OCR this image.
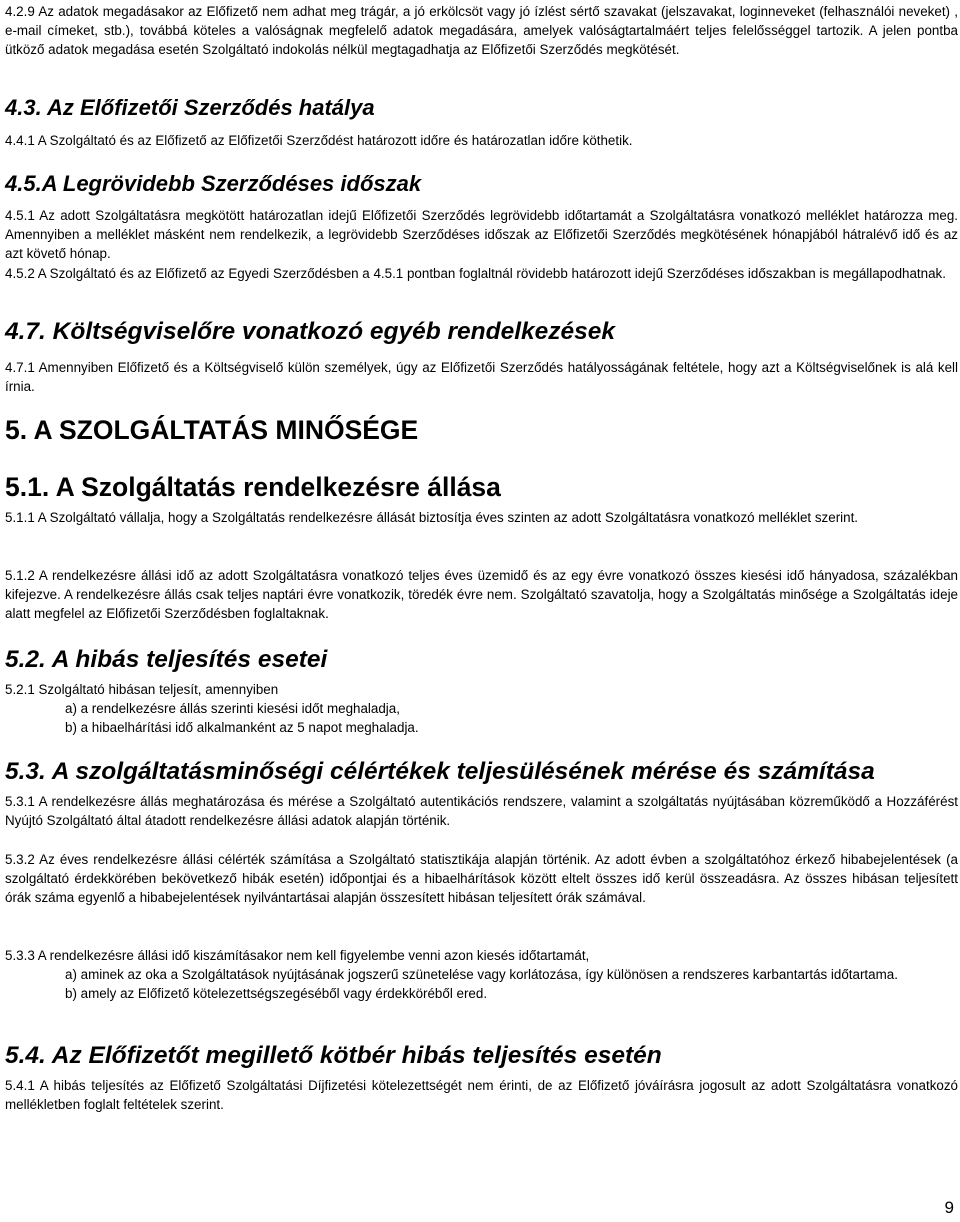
4.2.9 Az adatok megadásakor az Előfizető nem adhat meg trágár, a jó erkölcsöt vagy jó ízlést sértő szavakat (jelszavakat, loginneveket (felhasználói neveket) , e-mail címeket, stb.), továbbá köteles a valóságnak megfelelő adatok megadására, amelyek valóságtartalmáért teljes felelősséggel tartozik. A jelen pontba ütköző adatok megadása esetén Szolgáltató indokolás nélkül megtagadhatja az Előfizetői Szerződés megkötését.

4.3. Az Előfizetői Szerződés hatálya

4.4.1 A Szolgáltató és az Előfizető az Előfizetői Szerződést határozott időre és határozatlan időre köthetik.

4.5.A Legrövidebb Szerződéses időszak

4.5.1 Az adott Szolgáltatásra megkötött határozatlan idejű Előfizetői Szerződés legrövidebb időtartamát a Szolgáltatásra vonatkozó melléklet határozza meg. Amennyiben a melléklet másként nem rendelkezik, a legrövidebb Szerződéses időszak az Előfizetői Szerződés megkötésének hónapjából hátralévő idő és az azt követő hónap.

4.5.2 A Szolgáltató és az Előfizető az Egyedi Szerződésben a 4.5.1 pontban foglaltnál rövidebb határozott idejű Szerződéses időszakban is megállapodhatnak.

4.7. Költségviselőre vonatkozó egyéb rendelkezések

4.7.1 Amennyiben Előfizető és a Költségviselő külön személyek, úgy az Előfizetői Szerződés hatályosságának feltétele, hogy azt a Költségviselőnek is alá kell írnia.

5. A SZOLGÁLTATÁS MINŐSÉGE
5.1. A Szolgáltatás rendelkezésre állása

5.1.1 A Szolgáltató vállalja, hogy a Szolgáltatás rendelkezésre állását biztosítja éves szinten az adott Szolgáltatásra vonatkozó melléklet szerint.

5.1.2 A rendelkezésre állási idő az adott Szolgáltatásra vonatkozó teljes éves üzemidő és az egy évre vonatkozó összes kiesési idő hányadosa, százalékban kifejezve. A rendelkezésre állás csak teljes naptári évre vonatkozik, töredék évre nem. Szolgáltató szavatolja, hogy a Szolgáltatás minősége a Szolgáltatás ideje alatt megfelel az Előfizetői Szerződésben foglaltaknak.

5.2. A hibás teljesítés esetei

5.2.1 Szolgáltató hibásan teljesít, amennyiben

a) a rendelkezésre állás szerinti kiesési időt meghaladja,

b) a hibaelhárítási idő alkalmanként az 5 napot meghaladja.

5.3. A szolgáltatásminőségi célértékek teljesülésének mérése és számítása

5.3.1 A rendelkezésre állás meghatározása és mérése a Szolgáltató autentikációs rendszere, valamint a szolgáltatás nyújtásában közreműködő a Hozzáférést Nyújtó Szolgáltató által átadott rendelkezésre állási adatok alapján történik.

5.3.2 Az éves rendelkezésre állási célérték számítása a Szolgáltató statisztikája alapján történik. Az adott évben a szolgáltatóhoz érkező hibabejelentések (a szolgáltató érdekkörében bekövetkező hibák esetén) időpontjai és a hibaelhárítások között eltelt összes idő kerül összeadásra. Az összes hibásan teljesített órák száma egyenlő a hibabejelentések nyilvántartásai alapján összesített hibásan teljesített órák számával.

5.3.3 A rendelkezésre állási idő kiszámításakor nem kell figyelembe venni azon kiesés időtartamát,

a) aminek az oka a Szolgáltatások nyújtásának jogszerű szünetelése vagy korlátozása, így különösen a rendszeres karbantartás időtartama.

b) amely az Előfizető kötelezettségszegéséből vagy érdekköréből ered.

5.4. Az Előfizetőt megillető kötbér hibás teljesítés esetén

5.4.1 A hibás teljesítés az Előfizető Szolgáltatási Díjfizetési kötelezettségét nem érinti, de az Előfizető jóváírásra jogosult az adott Szolgáltatásra vonatkozó mellékletben foglalt feltételek szerint.

9
